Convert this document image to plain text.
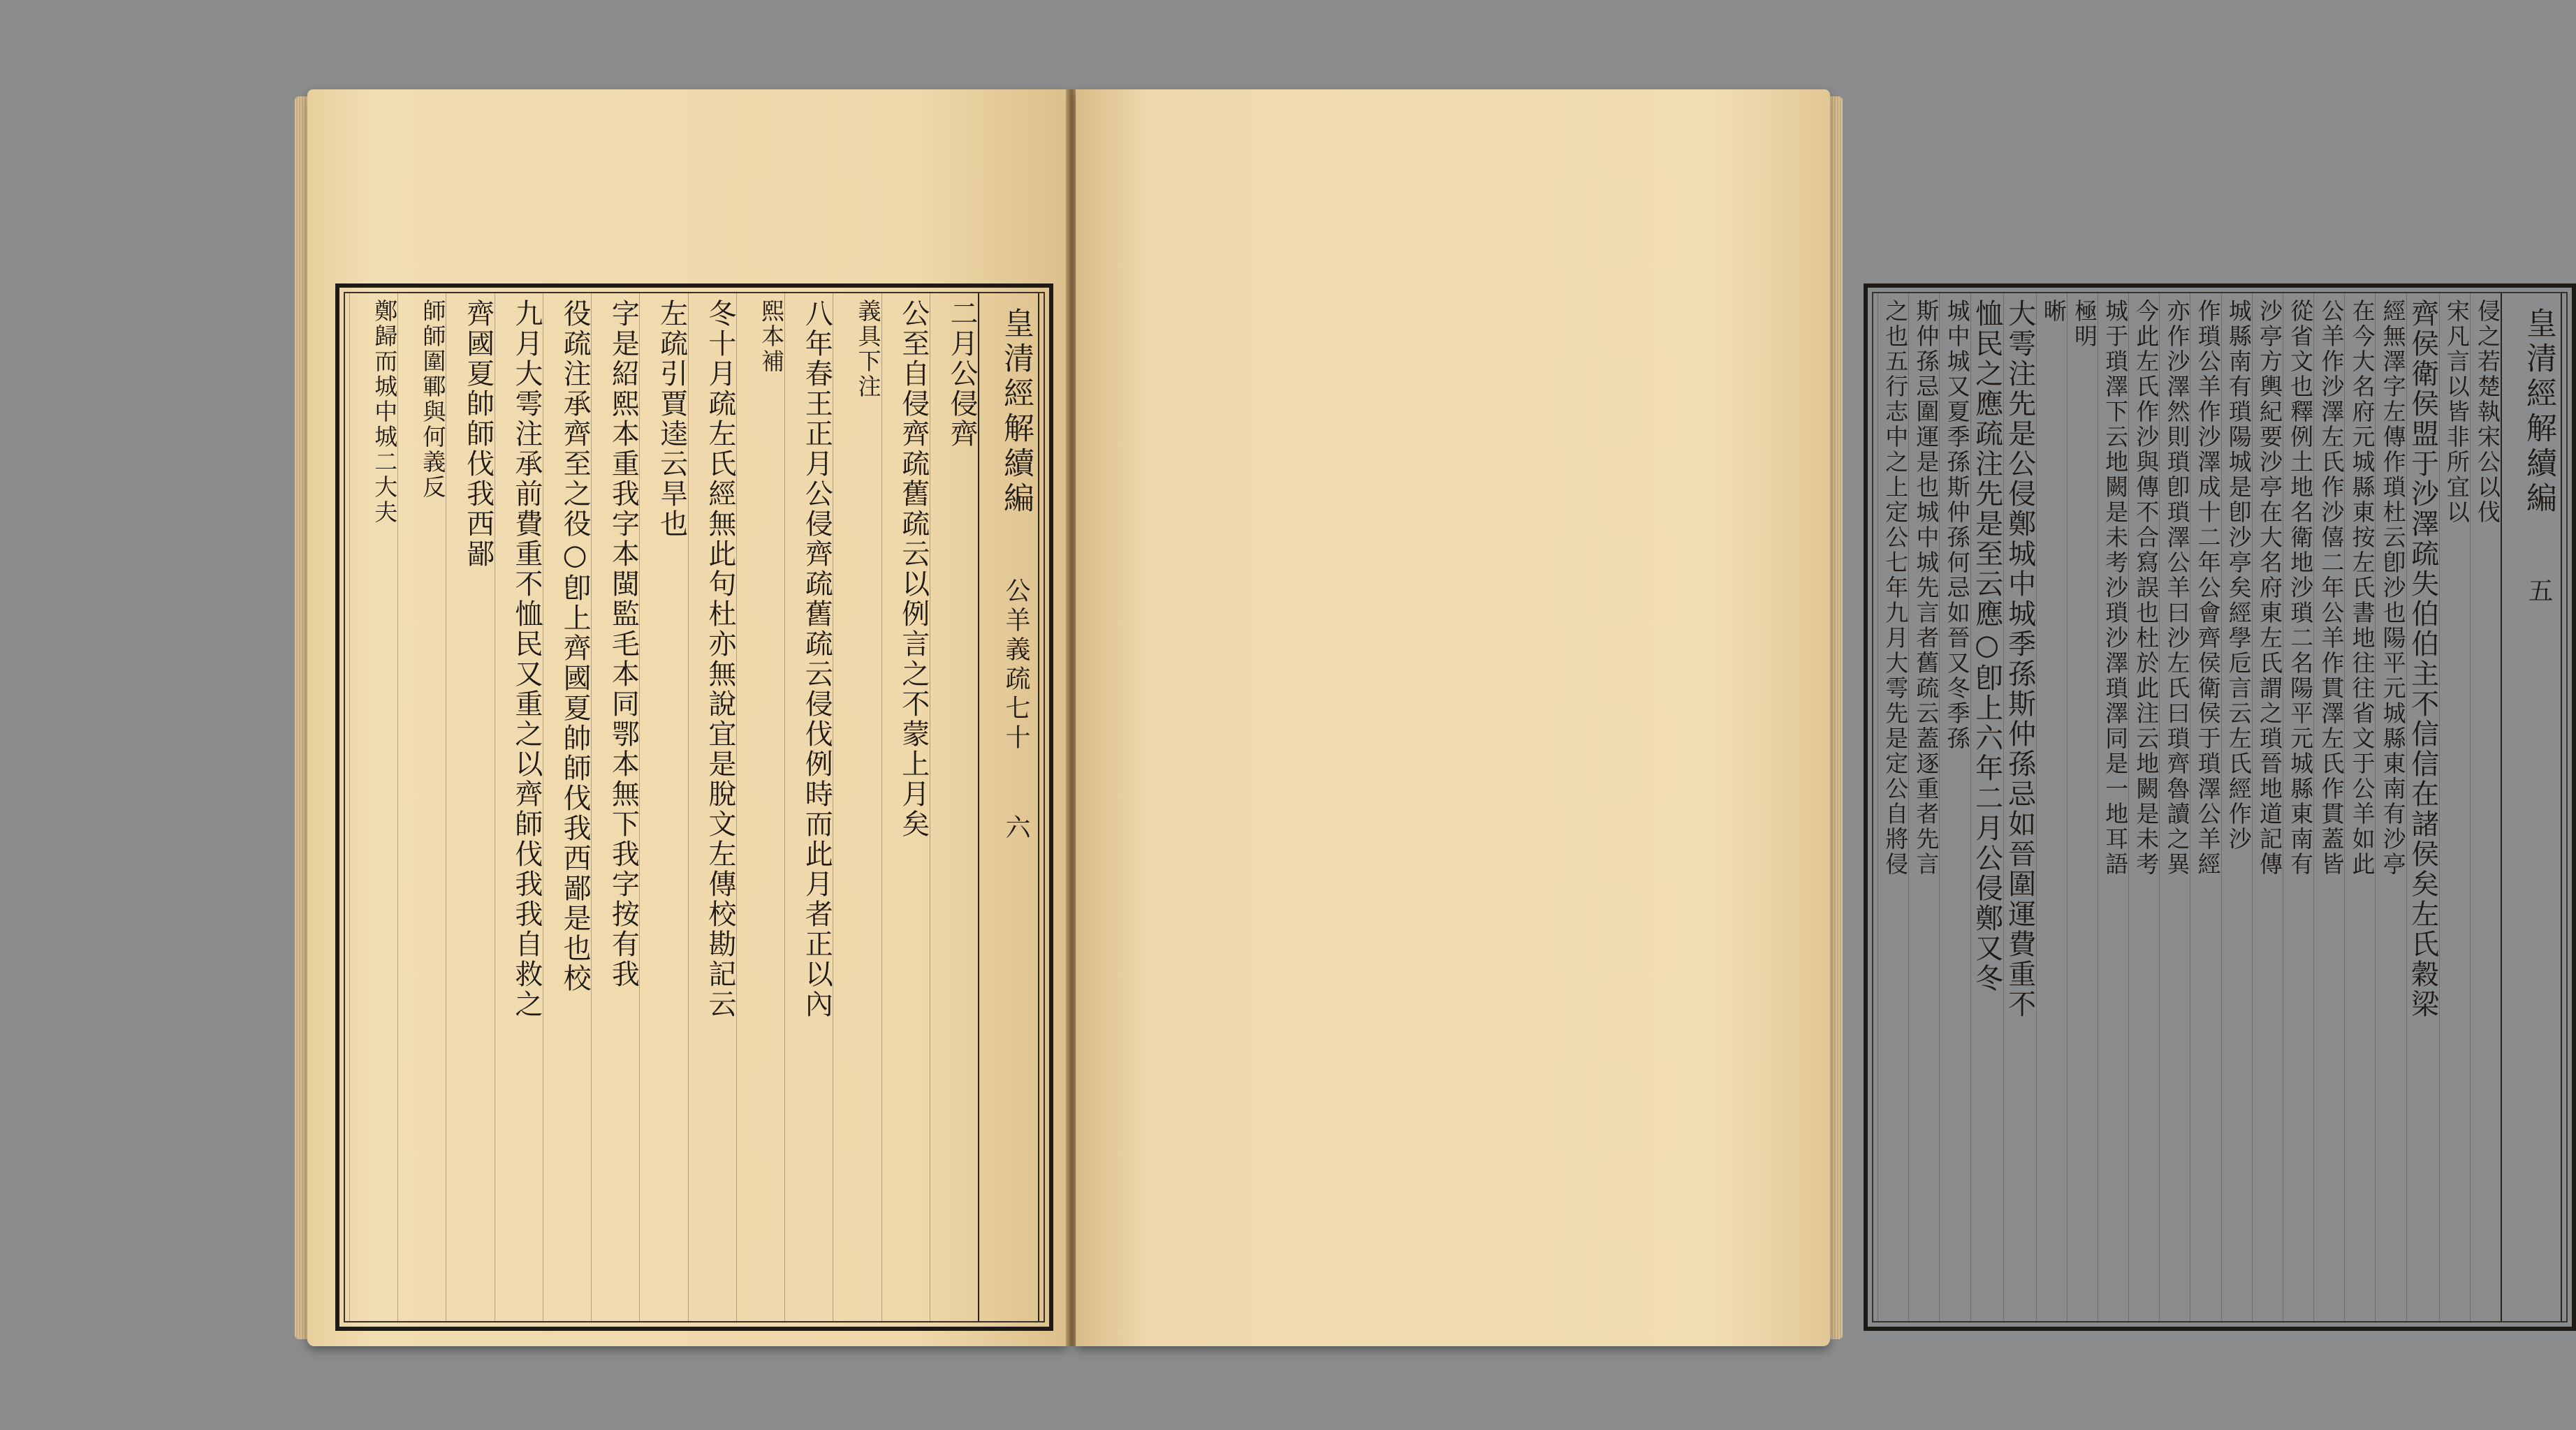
皇清經解續編 公羊義疏七十 六
二月公侵齊
公至自侵齊疏舊疏云以例言之不蒙上月矣
義具下注
八年春王正月公侵齊疏舊疏云侵伐例時而此月者正以內
熙本補
冬十月疏左氏經無此句杜亦無說宜是脫文左傳校勘記云
左疏引賈逵云旱也
字是紹熙本重我字本閩監毛本同鄂本無下我字按有我
役疏注承齊至之役○卽上齊國夏帥師伐我西鄙是也校
九月大雩注承前費重不恤民又重之以齊師伐我我自救之
齊國夏帥師伐我西鄙
師師圍鄆與何義反
鄭歸而城中城二大夫	皇清經解續編 五
侵之若楚執宋公以伐
宋凡言以皆非所宜以
齊侯衛侯盟于沙澤疏失伯伯主不信信在諸侯矣左氏穀梁
經無澤字左傳作瑣杜云卽沙也陽平元城縣東南有沙亭
在今大名府元城縣東按左氏書地往往省文于公羊如此
公羊作沙澤左氏作沙僖二年公羊作貫澤左氏作貫蓋皆
從省文也釋例土地名衛地沙瑣二名陽平元城縣東南有
沙亭方輿紀要沙亭在大名府東左氏謂之瑣晉地道記傳
城縣南有瑣陽城是卽沙亭矣經學卮言云左氏經作沙
作瑣公羊作沙澤成十二年公會齊侯衛侯于瑣澤公羊經
亦作沙澤然則瑣卽瑣澤公羊曰沙左氏曰瑣齊魯讀之異
今此左氏作沙與傳不合寫誤也杜於此注云地闕是未考
城于瑣澤下云地闕是未考沙瑣沙澤瑣澤同是一地耳語
極明
晰
大雩注先是公侵鄭城中城季孫斯仲孫忌如晉圍運費重不
恤民之應疏注先是至云應○卽上六年二月公侵鄭又冬
城中城又夏季孫斯仲孫何忌如晉又冬季孫
斯仲孫忌圍運是也城中城先言者舊疏云蓋逐重者先言
之也五行志中之上定公七年九月大雩先是定公自將侵
